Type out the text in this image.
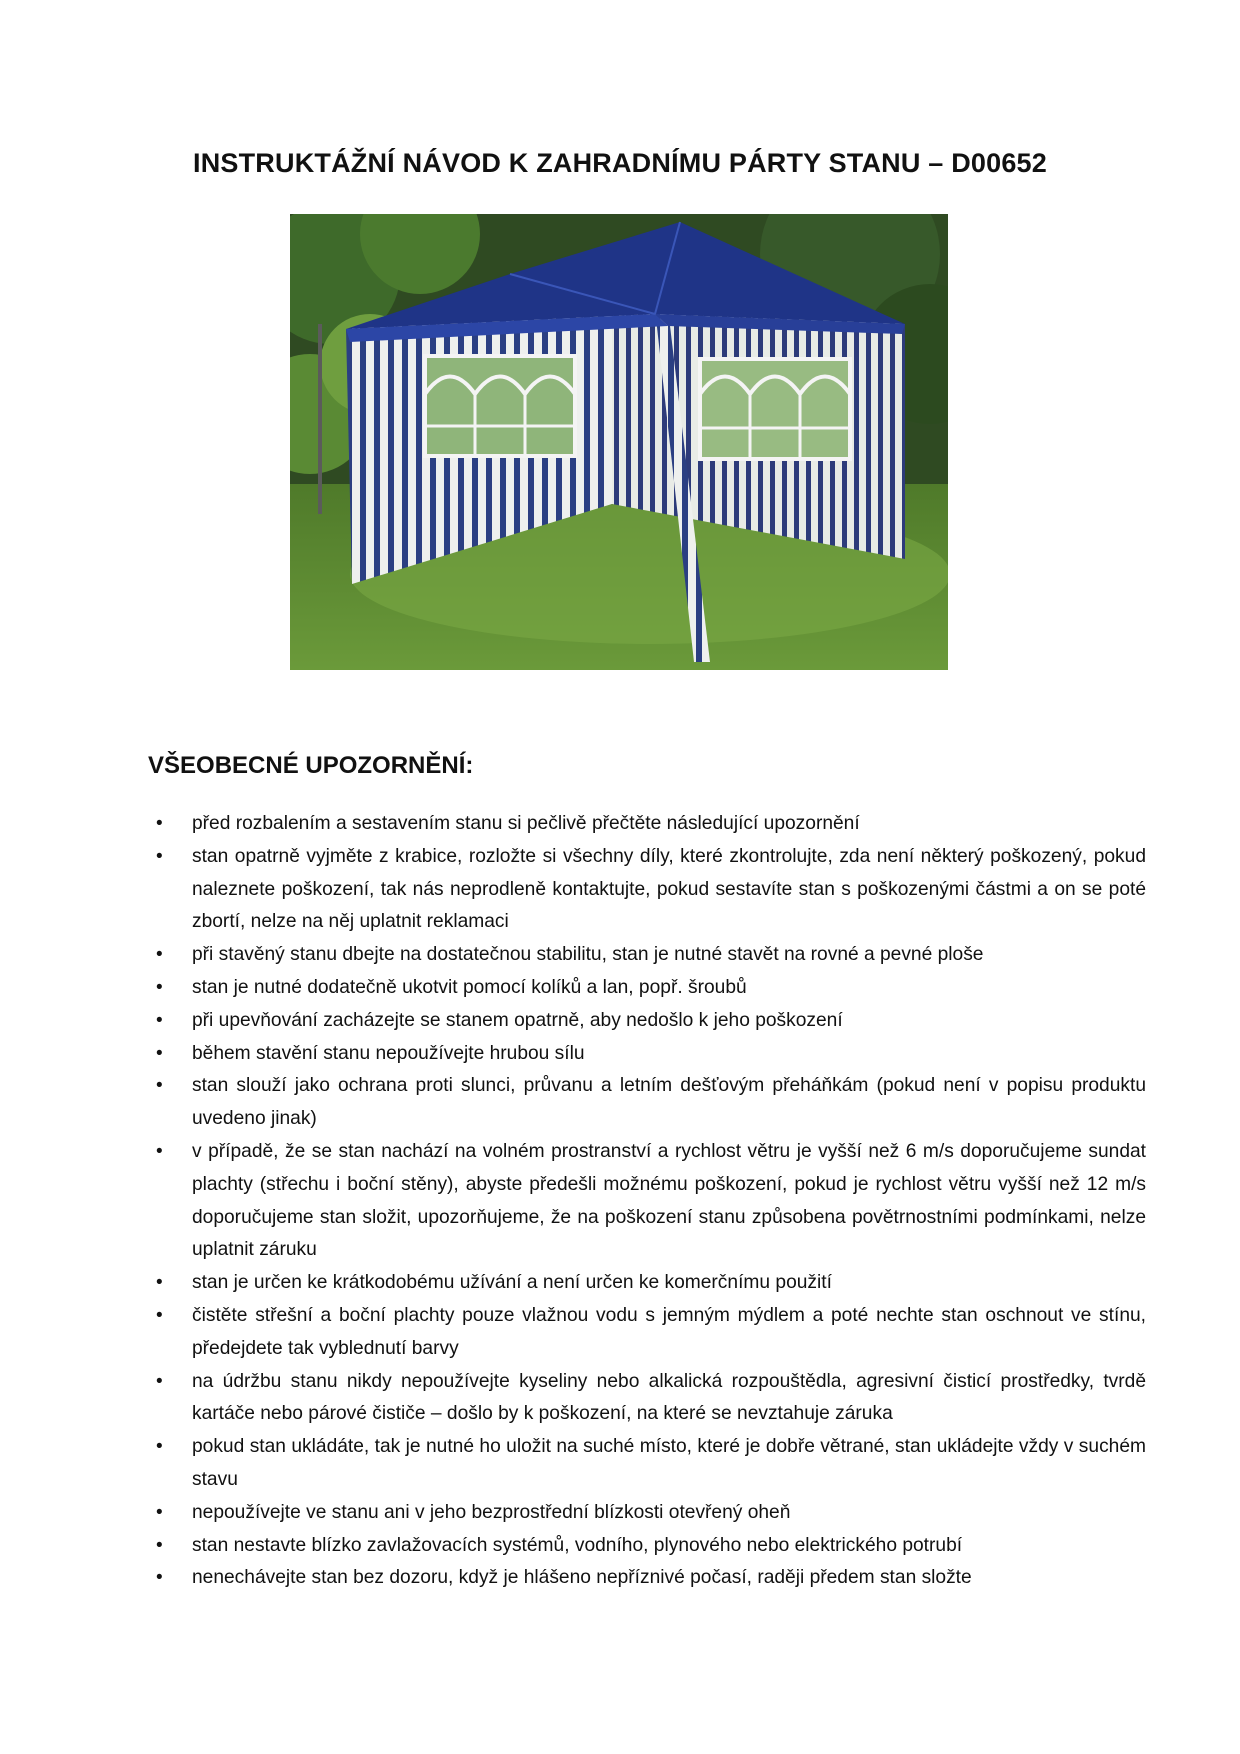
INSTRUKTÁŽNÍ NÁVOD K ZAHRADNÍMU PÁRTY STANU – D00652
VŠEOBECNÉ UPOZORNĚNÍ:
• před rozbalením a sestavením stanu si pečlivě přečtěte následující upozornění
• stan opatrně vyjměte z krabice, rozložte si všechny díly, které zkontrolujte, zda není některý poškozený, pokud naleznete poškození, tak nás neprodleně kontaktujte, pokud sestavíte stan s poškozenými částmi a on se poté zbortí, nelze na něj uplatnit reklamaci
• při stavěný stanu dbejte na dostatečnou stabilitu, stan je nutné stavět na rovné a pevné ploše
• stan je nutné dodatečně ukotvit pomocí kolíků a lan, popř. šroubů
• při upevňování zacházejte se stanem opatrně, aby nedošlo k jeho poškození
• během stavění stanu nepoužívejte hrubou sílu
• stan slouží jako ochrana proti slunci, průvanu a letním dešťovým přeháňkám (pokud není v popisu produktu uvedeno jinak)
• v případě, že se stan nachází na volném prostranství a rychlost větru je vyšší než 6 m/s doporučujeme sundat plachty (střechu i boční stěny), abyste předešli možnému poškození, pokud je rychlost větru vyšší než 12 m/s doporučujeme stan složit, upozorňujeme, že na poškození stanu způsobena povětrnostními podmínkami, nelze uplatnit záruku
• stan je určen ke krátkodobému užívání a není určen ke komerčnímu použití
• čistěte střešní a boční plachty pouze vlažnou vodu s jemným mýdlem a poté nechte stan oschnout ve stínu, předejdete tak vyblednutí barvy
• na údržbu stanu nikdy nepoužívejte kyseliny nebo alkalická rozpouštědla, agresivní čisticí prostředky, tvrdě kartáče nebo párové čističe – došlo by k poškození, na které se nevztahuje záruka
• pokud stan ukládáte, tak je nutné ho uložit na suché místo, které je dobře větrané, stan ukládejte vždy v suchém stavu
• nepoužívejte ve stanu ani v jeho bezprostřední blízkosti otevřený oheň
• stan nestavte blízko zavlažovacích systémů, vodního, plynového nebo elektrického potrubí
• nenechávejte stan bez dozoru, když je hlášeno nepříznivé počasí, raději předem stan složte
